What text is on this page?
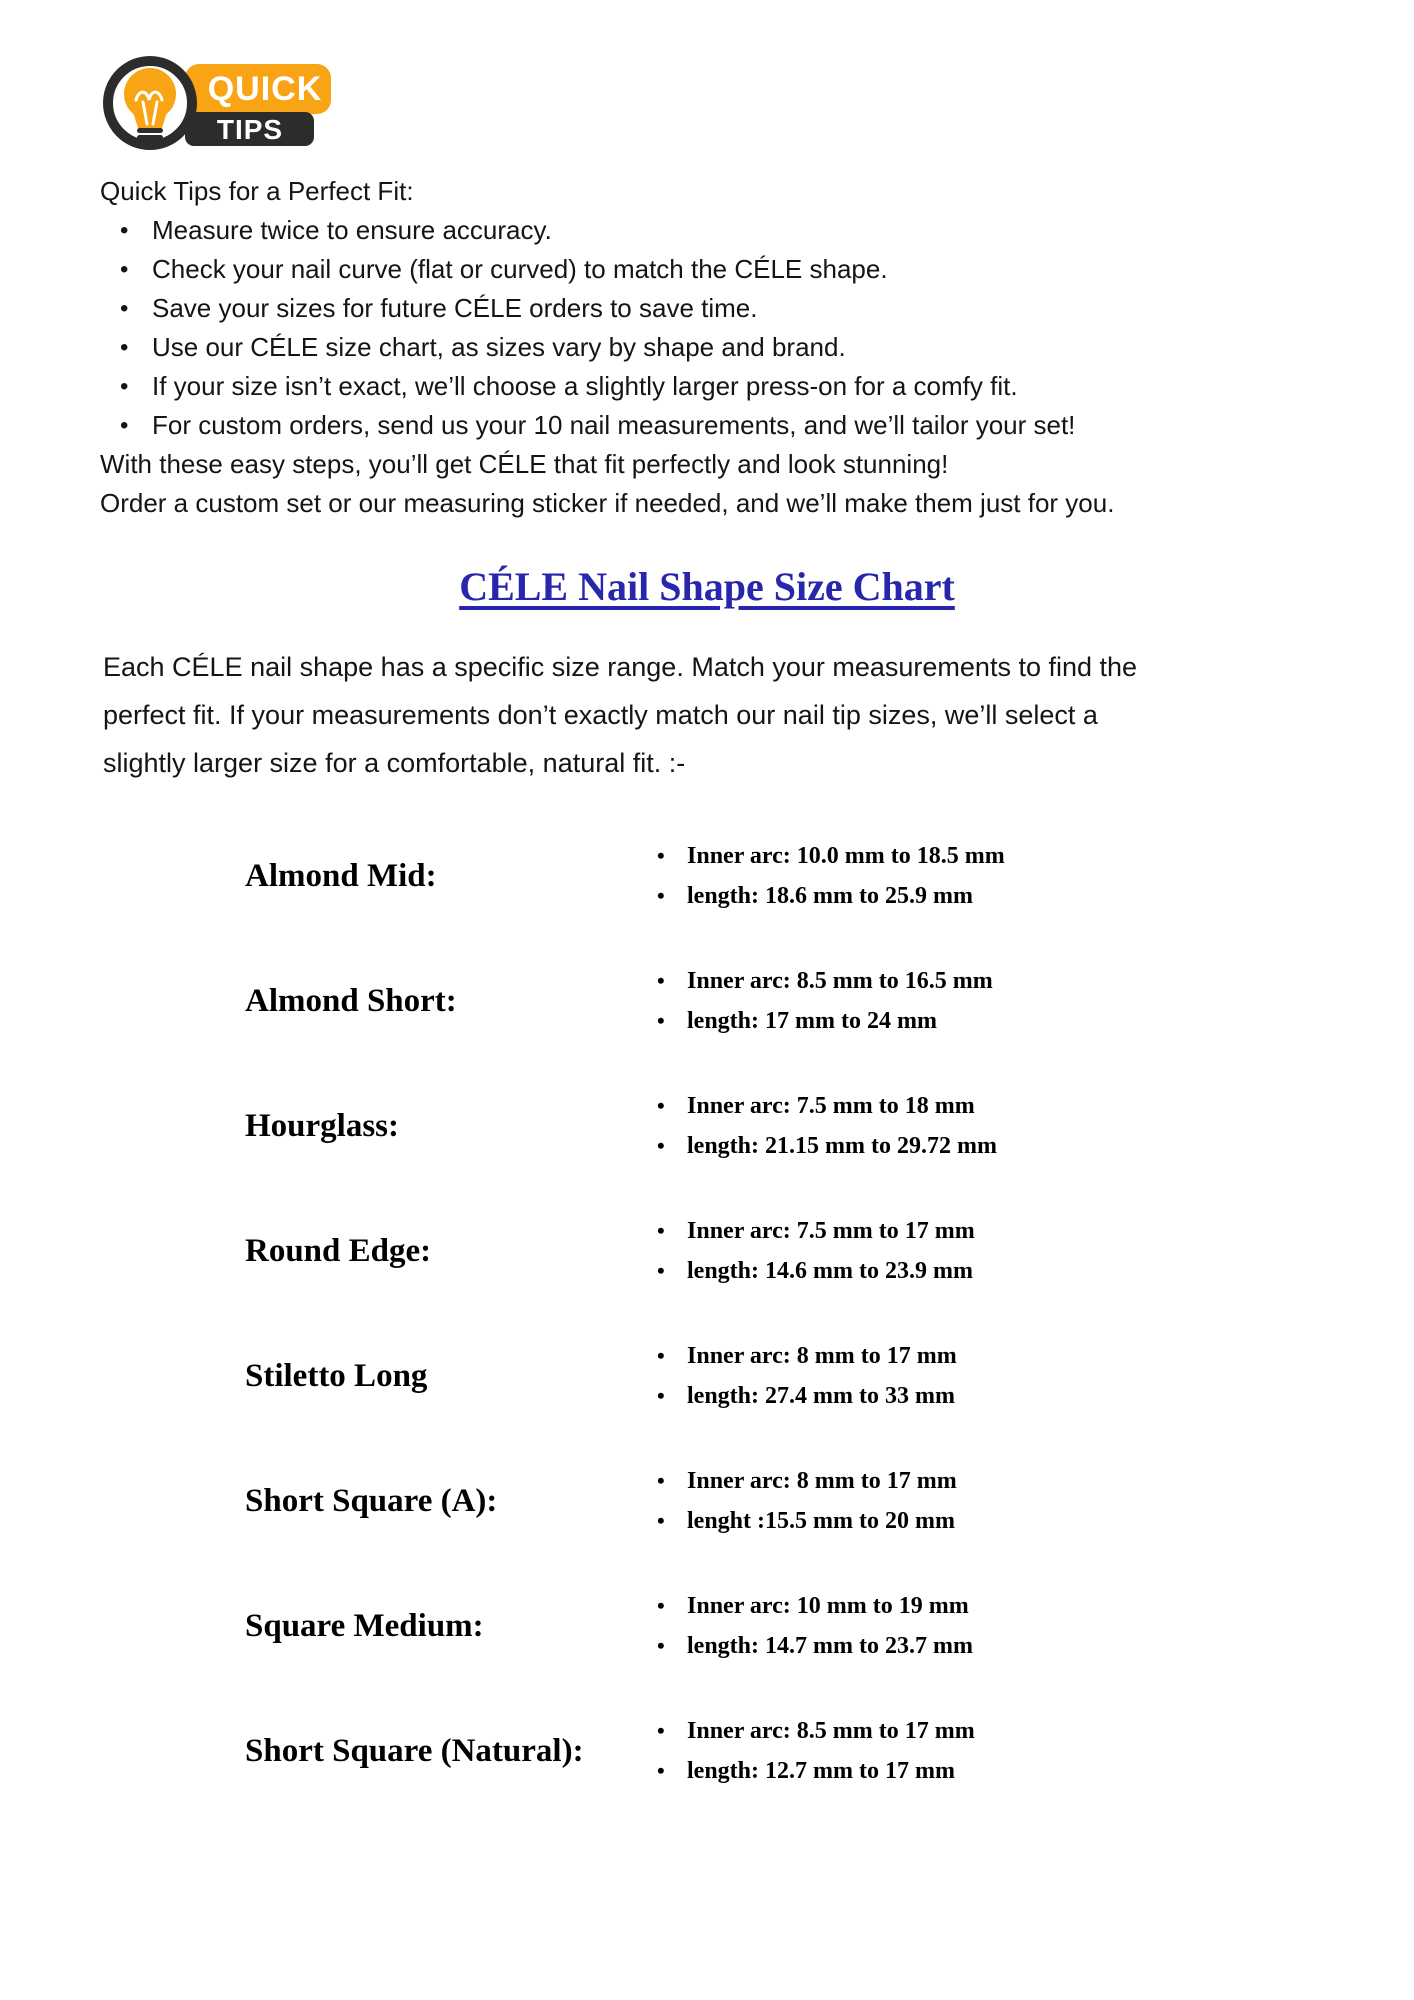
QUICK
TIPS

Quick Tips for a Perfect Fit:

• Measure twice to ensure accuracy.
• Check your nail curve (flat or curved) to match the CÉLE shape.
• Save your sizes for future CÉLE orders to save time.
• Use our CÉLE size chart, as sizes vary by shape and brand.
• If your size isn’t exact, we’ll choose a slightly larger press-on for a comfy fit.
• For custom orders, send us your 10 nail measurements, and we’ll tailor your set!

With these easy steps, you’ll get CÉLE that fit perfectly and look stunning!

Order a custom set or our measuring sticker if needed, and we’ll make them just for you.

CÉLE Nail Shape Size Chart

Each CÉLE nail shape has a specific size range. Match your measurements to find the

perfect fit. If your measurements don’t exactly match our nail tip sizes, we’ll select a

slightly larger size for a comfortable, natural fit. :-

Almond Mid:
• Inner arc: 10.0 mm to 18.5 mm
• length: 18.6 mm to 25.9 mm
Almond Short:
• Inner arc: 8.5 mm to 16.5 mm
• length: 17 mm to 24 mm
Hourglass:
• Inner arc: 7.5 mm to 18 mm
• length: 21.15 mm to 29.72 mm
Round Edge:
• Inner arc: 7.5 mm to 17 mm
• length: 14.6 mm to 23.9 mm
Stiletto Long
• Inner arc: 8 mm to 17 mm
• length: 27.4 mm to 33 mm
Short Square (A):
• Inner arc: 8 mm to 17 mm
• lenght :15.5 mm to 20 mm
Square Medium:
• Inner arc: 10 mm to 19 mm
• length: 14.7 mm to 23.7 mm
Short Square (Natural):
• Inner arc: 8.5 mm to 17 mm
• length: 12.7 mm to 17 mm
